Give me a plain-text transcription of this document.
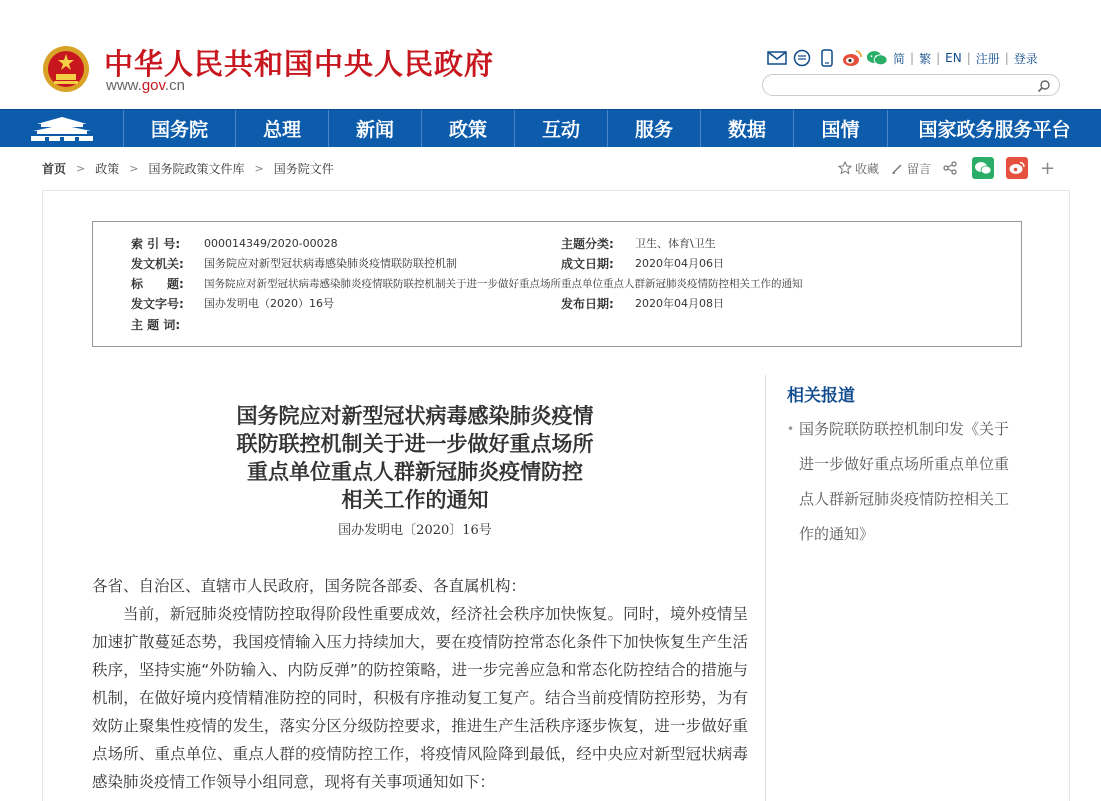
中华人民共和国中央人民政府
www.gov.cn
简 | 繁 | EN | 注册 | 登录
国务院	总理	新闻	政策	互动	服务	数据	国情	国家政务服务平台
首页 > 政策 > 国务院政策文件库 > 国务院文件	收藏 留言	+
索 引 号: 000014349/2020-00028	主题分类: 卫生、体育\卫生
发文机关: 国务院应对新型冠状病毒感染肺炎疫情联防联控机制	成文日期: 2020年04月06日
标　　题: 国务院应对新型冠状病毒感染肺炎疫情联防联控机制关于进一步做好重点场所重点单位重点人群新冠肺炎疫情防控相关工作的通知
发文字号: 国办发明电（2020）16号	发布日期: 2020年04月08日
主 题 词:
国务院应对新型冠状病毒感染肺炎疫情
联防联控机制关于进一步做好重点场所
重点单位重点人群新冠肺炎疫情防控
相关工作的通知
国办发明电〔2020〕16号

各省、自治区、直辖市人民政府，国务院各部委、各直属机构：

当前，新冠肺炎疫情防控取得阶段性重要成效，经济社会秩序加快恢复。同时，境外疫情呈加速扩散蔓延态势，我国疫情输入压力持续加大，要在疫情防控常态化条件下加快恢复生产生活秩序，坚持实施“外防输入、内防反弹”的防控策略，进一步完善应急和常态化防控结合的措施与机制，在做好境内疫情精准防控的同时，积极有序推动复工复产。结合当前疫情防控形势，为有效防止聚集性疫情的发生，落实分区分级防控要求，推进生产生活秩序逐步恢复，进一步做好重点场所、重点单位、重点人群的疫情防控工作，将疫情风险降到最低，经中央应对新型冠状病毒感染肺炎疫情工作领导小组同意，现将有关事项通知如下：

相关报道
• 国务院联防联控机制印发《关于进一步做好重点场所重点单位重点人群新冠肺炎疫情防控相关工作的通知》
